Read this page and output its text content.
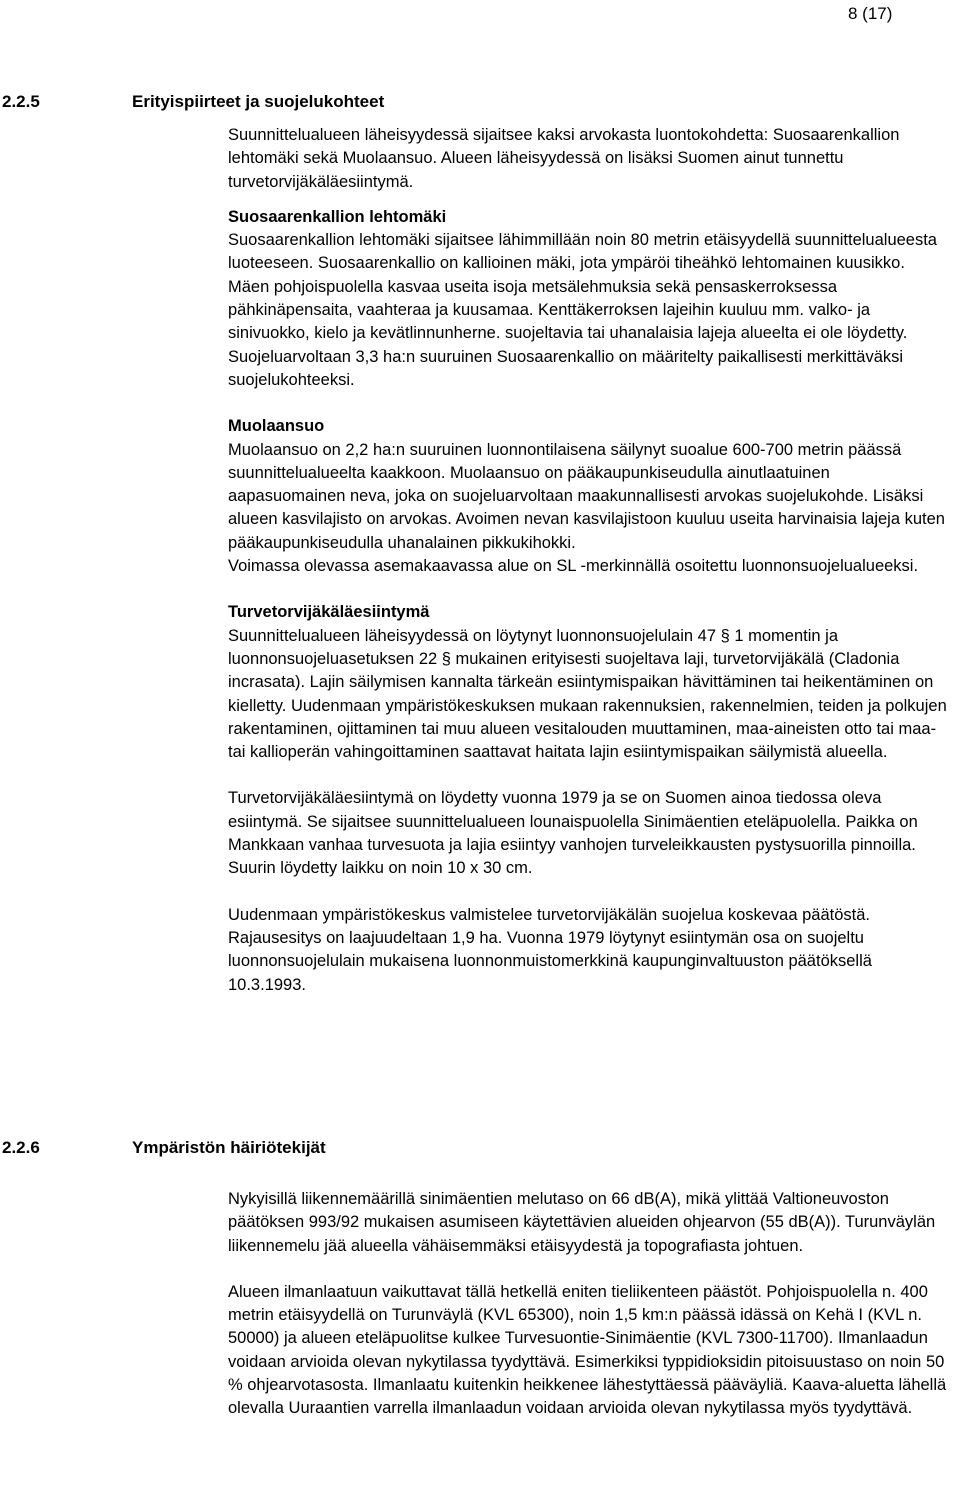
8 (17)
2.2.5	Erityispiirteet ja suojelukohteet

Suunnittelualueen läheisyydessä sijaitsee kaksi arvokasta luontokohdetta: Suosaarenkallion lehtomäki sekä Muolaansuo. Alueen läheisyydessä on lisäksi Suomen ainut tunnettu turvetorvijäkäläesiintymä.

Suosaarenkallion lehtomäki

Suosaarenkallion lehtomäki sijaitsee lähimmillään noin 80 metrin etäisyydellä suunnittelualueesta luoteeseen. Suosaarenkallio on kallioinen mäki, jota ympäröi tiheähkö lehtomainen kuusikko. Mäen pohjoispuolella kasvaa useita isoja metsälehmuksia sekä pensaskerroksessa pähkinäpensaita, vaahteraa ja kuusamaa. Kenttäkerroksen lajeihin kuuluu mm. valko- ja sinivuokko, kielo ja kevätlinnunherne. suojeltavia tai uhanalaisia lajeja alueelta ei ole löydetty. Suojeluarvoltaan 3,3 ha:n suuruinen Suosaarenkallio on määritelty paikallisesti merkittäväksi suojelukohteeksi.

Muolaansuo

Muolaansuo on 2,2 ha:n suuruinen luonnontilaisena säilynyt suoalue 600-700 metrin päässä suunnittelualueelta kaakkoon. Muolaansuo on pääkaupunkiseudulla ainutlaatuinen aapasuomainen neva, joka on suojeluarvoltaan maakunnallisesti arvokas suojelukohde. Lisäksi alueen kasvilajisto on arvokas. Avoimen nevan kasvilajistoon kuuluu useita harvinaisia lajeja kuten pääkaupunkiseudulla uhanalainen pikkukihokki.

Voimassa olevassa asemakaavassa alue on SL -merkinnällä osoitettu luonnonsuojelualueeksi.

Turvetorvijäkäläesiintymä

Suunnittelualueen läheisyydessä on löytynyt luonnonsuojelulain 47 § 1 momentin ja luonnonsuojeluasetuksen 22 § mukainen erityisesti suojeltava laji, turvetorvijäkälä (Cladonia incrasata). Lajin säilymisen kannalta tärkeän esiintymispaikan hävittäminen tai heikentäminen on kielletty. Uudenmaan ympäristökeskuksen mukaan rakennuksien, rakennelmien, teiden ja polkujen rakentaminen, ojittaminen tai muu alueen vesitalouden muuttaminen, maa-aineisten otto tai maa- tai kallioperän vahingoittaminen saattavat haitata lajin esiintymispaikan säilymistä alueella.

Turvetorvijäkäläesiintymä on löydetty vuonna 1979 ja se on Suomen ainoa tiedossa oleva esiintymä. Se sijaitsee suunnittelualueen lounaispuolella Sinimäentien eteläpuolella. Paikka on Mankkaan vanhaa turvesuota ja lajia esiintyy vanhojen turveleikkausten pystysuorilla pinnoilla. Suurin löydetty laikku on noin 10 x 30 cm.

Uudenmaan ympäristökeskus valmistelee turvetorvijäkälän suojelua koskevaa päätöstä. Rajausesitys on laajuudeltaan 1,9 ha. Vuonna 1979 löytynyt esiintymän osa on suojeltu luonnonsuojelulain mukaisena luonnonmuistomerkkinä kaupunginvaltuuston päätöksellä 10.3.1993.

2.2.6	Ympäristön häiriötekijät

Nykyisillä liikennemäärillä sinimäentien melutaso on 66 dB(A), mikä ylittää Valtioneuvoston päätöksen 993/92 mukaisen asumiseen käytettävien alueiden ohjearvon (55 dB(A)). Turunväylän liikennemelu jää alueella vähäisemmäksi etäisyydestä ja topografiasta johtuen.

Alueen ilmanlaatuun vaikuttavat tällä hetkellä eniten tieliikenteen päästöt. Pohjoispuolella n. 400 metrin etäisyydellä on Turunväylä (KVL 65300), noin 1,5 km:n päässä idässä on Kehä I (KVL n. 50000) ja alueen eteläpuolitse kulkee Turvesuontie-Sinimäentie (KVL 7300-11700). Ilmanlaadun voidaan arvioida olevan nykytilassa tyydyttävä. Esimerkiksi typpidioksidin pitoisuustaso on noin 50 % ohjearvotasosta. Ilmanlaatu kuitenkin heikkenee lähestyttäessä pääväyliä. Kaava-aluetta lähellä olevalla Uuraantien varrella ilmanlaadun voidaan arvioida olevan nykytilassa myös tyydyttävä.
